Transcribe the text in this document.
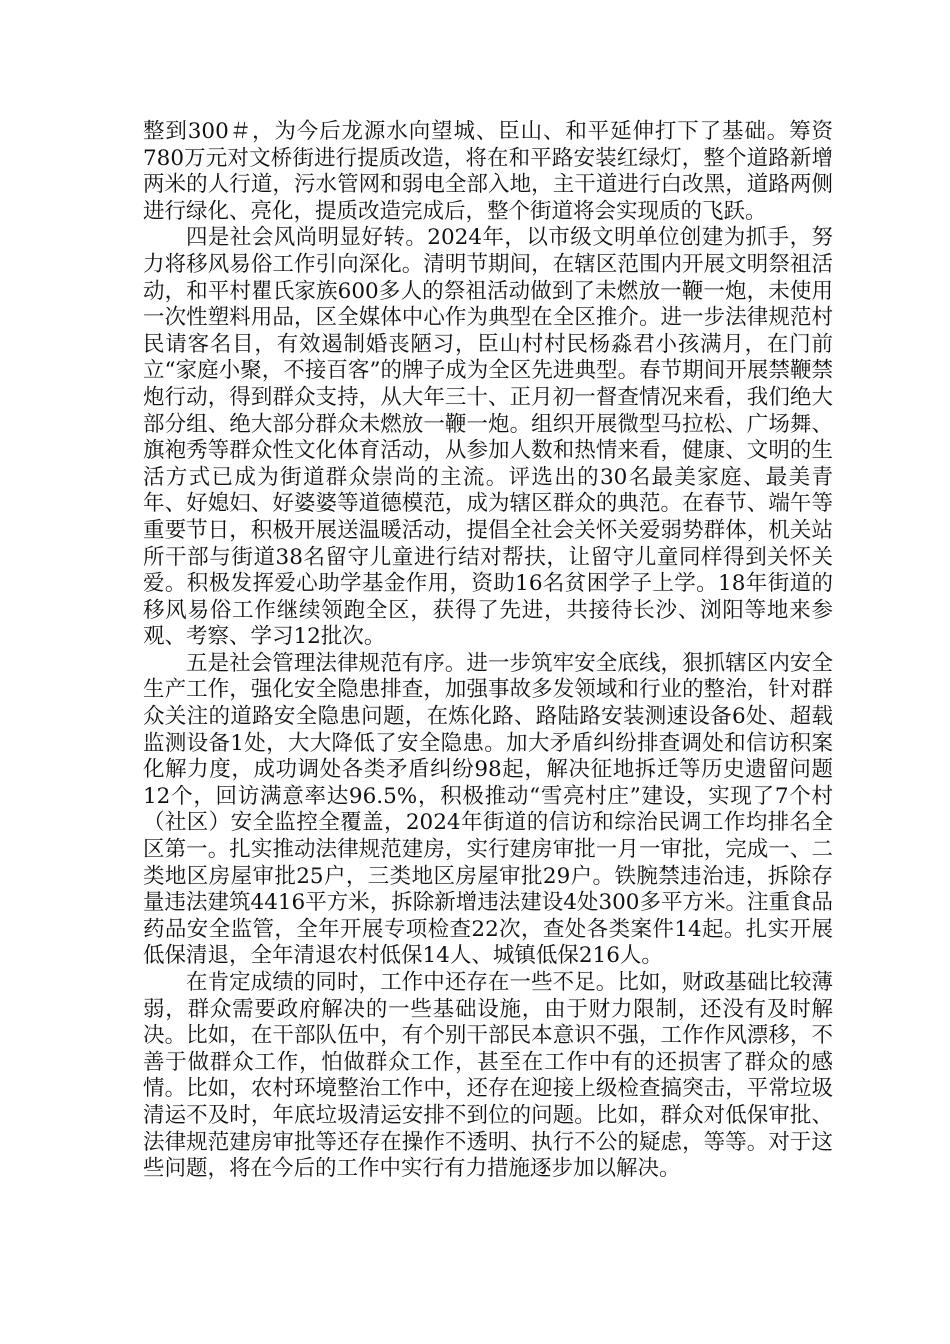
整到300＃，为今后龙源水向望城、臣山、和平延伸打下了基础。筹资780万元对文桥街进行提质改造，将在和平路安装红绿灯，整个道路新增两米的人行道，污水管网和弱电全部入地，主干道进行白改黑，道路两侧进行绿化、亮化，提质改造完成后，整个街道将会实现质的飞跃。

四是社会风尚明显好转。2024年，以市级文明单位创建为抓手，努力将移风易俗工作引向深化。清明节期间，在辖区范围内开展文明祭祖活动，和平村瞿氏家族600多人的祭祖活动做到了未燃放一鞭一炮，未使用一次性塑料用品，区全媒体中心作为典型在全区推介。进一步法律规范村民请客名目，有效遏制婚丧陋习，臣山村村民杨淼君小孩满月，在门前立“家庭小聚，不接百客”的牌子成为全区先进典型。春节期间开展禁鞭禁炮行动，得到群众支持，从大年三十、正月初一督查情况来看，我们绝大部分组、绝大部分群众未燃放一鞭一炮。组织开展微型马拉松、广场舞、旗袍秀等群众性文化体育活动，从参加人数和热情来看，健康、文明的生活方式已成为街道群众崇尚的主流。评选出的30名最美家庭、最美青年、好媳妇、好婆婆等道德模范，成为辖区群众的典范。在春节、端午等重要节日，积极开展送温暖活动，提倡全社会关怀关爱弱势群体，机关站所干部与街道38名留守儿童进行结对帮扶，让留守儿童同样得到关怀关爱。积极发挥爱心助学基金作用，资助16名贫困学子上学。18年街道的移风易俗工作继续领跑全区，获得了先进，共接待长沙、浏阳等地来参观、考察、学习12批次。

五是社会管理法律规范有序。进一步筑牢安全底线，狠抓辖区内安全生产工作，强化安全隐患排查，加强事故多发领域和行业的整治，针对群众关注的道路安全隐患问题，在炼化路、路陆路安装测速设备6处、超载监测设备1处，大大降低了安全隐患。加大矛盾纠纷排查调处和信访积案化解力度，成功调处各类矛盾纠纷98起，解决征地拆迁等历史遗留问题12个，回访满意率达96.5%，积极推动“雪亮村庄”建设，实现了7个村（社区）安全监控全覆盖，2024年街道的信访和综治民调工作均排名全区第一。扎实推动法律规范建房，实行建房审批一月一审批，完成一、二类地区房屋审批25户，三类地区房屋审批29户。铁腕禁违治违，拆除存量违法建筑4416平方米，拆除新增违法建设4处300多平方米。注重食品药品安全监管，全年开展专项检查22次，查处各类案件14起。扎实开展低保清退，全年清退农村低保14人、城镇低保216人。

在肯定成绩的同时，工作中还存在一些不足。比如，财政基础比较薄弱，群众需要政府解决的一些基础设施，由于财力限制，还没有及时解决。比如，在干部队伍中，有个别干部民本意识不强，工作作风漂移，不善于做群众工作，怕做群众工作，甚至在工作中有的还损害了群众的感情。比如，农村环境整治工作中，还存在迎接上级检查搞突击，平常垃圾清运不及时，年底垃圾清运安排不到位的问题。比如，群众对低保审批、法律规范建房审批等还存在操作不透明、执行不公的疑虑，等等。对于这些问题，将在今后的工作中实行有力措施逐步加以解决。
